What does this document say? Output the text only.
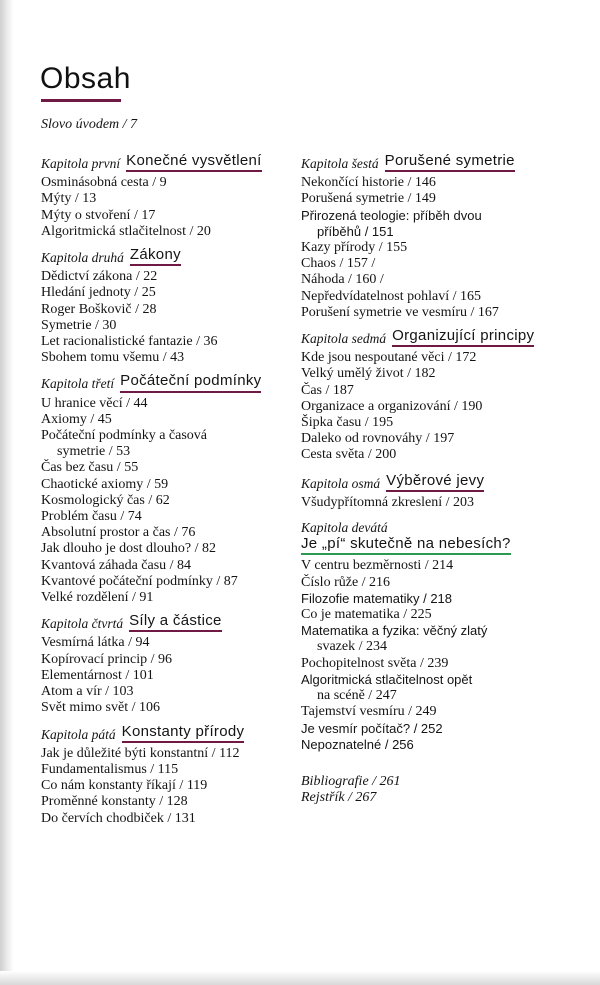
Obsah
Slovo úvodem / 7
Kapitola první Konečné vysvětlení
Osminásobná cesta / 9
Mýty / 13
Mýty o stvoření / 17
Algoritmická stlačitelnost / 20
Kapitola druhá Zákony
Dědictví zákona / 22
Hledání jednoty / 25
Roger Boškovič / 28
Symetrie / 30
Let racionalistické fantazie / 36
Sbohem tomu všemu / 43
Kapitola třetí Počáteční podmínky
U hranice věcí / 44
Axiomy / 45
Počáteční podmínky a časová
symetrie / 53
Čas bez času / 55
Chaotické axiomy / 59
Kosmologický čas / 62
Problém času / 74
Absolutní prostor a čas / 76
Jak dlouho je dost dlouho? / 82
Kvantová záhada času / 84
Kvantové počáteční podmínky / 87
Velké rozdělení / 91
Kapitola čtvrtá Síly a částice
Vesmírná látka / 94
Kopírovací princip / 96
Elementárnost / 101
Atom a vír / 103
Svět mimo svět / 106
Kapitola pátá Konstanty přírody
Jak je důležité býti konstantní / 112
Fundamentalismus / 115
Co nám konstanty říkají / 119
Proměnné konstanty / 128
Do červích chodbiček / 131
Kapitola šestá Porušené symetrie
Nekončící historie / 146
Porušená symetrie / 149
Přirozená teologie: příběh dvou
příběhů / 151
Kazy přírody / 155
Chaos / 157 /
Náhoda / 160 /
Nepředvídatelnost pohlaví / 165
Porušení symetrie ve vesmíru / 167
Kapitola sedmá Organizující principy
Kde jsou nespoutané věci / 172
Velký umělý život / 182
Čas / 187
Organizace a organizování / 190
Šipka času / 195
Daleko od rovnováhy / 197
Cesta světa / 200
Kapitola osmá Výběrové jevy
Všudypřítomná zkreslení / 203
Kapitola devátá
Je „pí“ skutečně na nebesích?
V centru bezměrnosti / 214
Číslo růže / 216
Filozofie matematiky / 218
Co je matematika / 225
Matematika a fyzika: věčný zlatý
svazek / 234
Pochopitelnost světa / 239
Algoritmická stlačitelnost opět
na scéně / 247
Tajemství vesmíru / 249
Je vesmír počítač? / 252
Nepoznatelné / 256
Bibliografie / 261
Rejstřík / 267
